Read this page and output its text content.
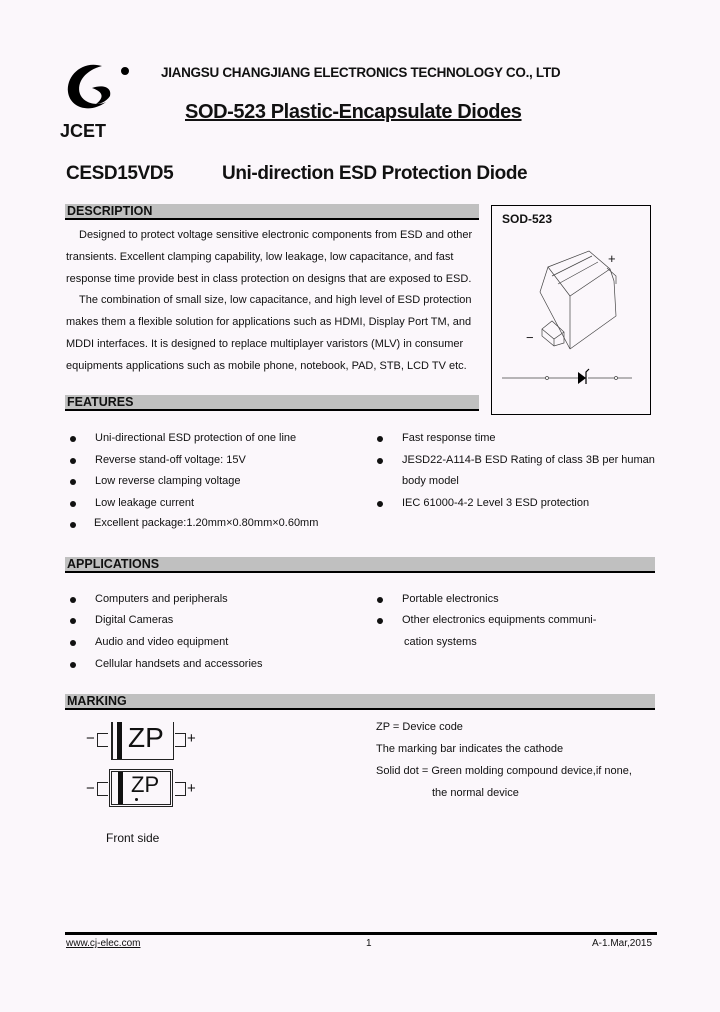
JCET
JIANGSU CHANGJIANG ELECTRONICS TECHNOLOGY CO., LTD
SOD-523 Plastic-Encapsulate Diodes
CESD15VD5	Uni-direction ESD Protection Diode
DESCRIPTION
Designed to protect voltage sensitive electronic components from ESD and other
transients. Excellent clamping capability, low leakage, low capacitance, and fast
response time provide best in class protection on designs that are exposed to ESD.
The combination of small size, low capacitance, and high level of ESD protection
makes them a flexible solution for applications such as HDMI, Display Port TM, and
MDDI interfaces. It is designed to replace multiplayer varistors (MLV) in consumer
equipments applications such as mobile phone, notebook, PAD, STB, LCD TV etc.
SOD-523
+
−
FEATURES
Uni-directional ESD protection of one line
Reverse stand-off voltage: 15V
Low reverse clamping voltage
Low leakage current
Excellent package:1.20mm×0.80mm×0.60mm
Fast response time
JESD22-A114-B ESD Rating of class 3B per human
body model
IEC 61000-4-2 Level 3 ESD protection
APPLICATIONS
Computers and peripherals
Digital Cameras
Audio and video equipment
Cellular handsets and accessories
Portable electronics
Other electronics equipments communi-
cation systems
MARKING
− ZP +
− ZP +
Front side
ZP = Device code
The marking bar indicates the cathode
Solid dot = Green molding compound device,if none,
the normal device
www.cj-elec.com	1	A-1.Mar,2015
